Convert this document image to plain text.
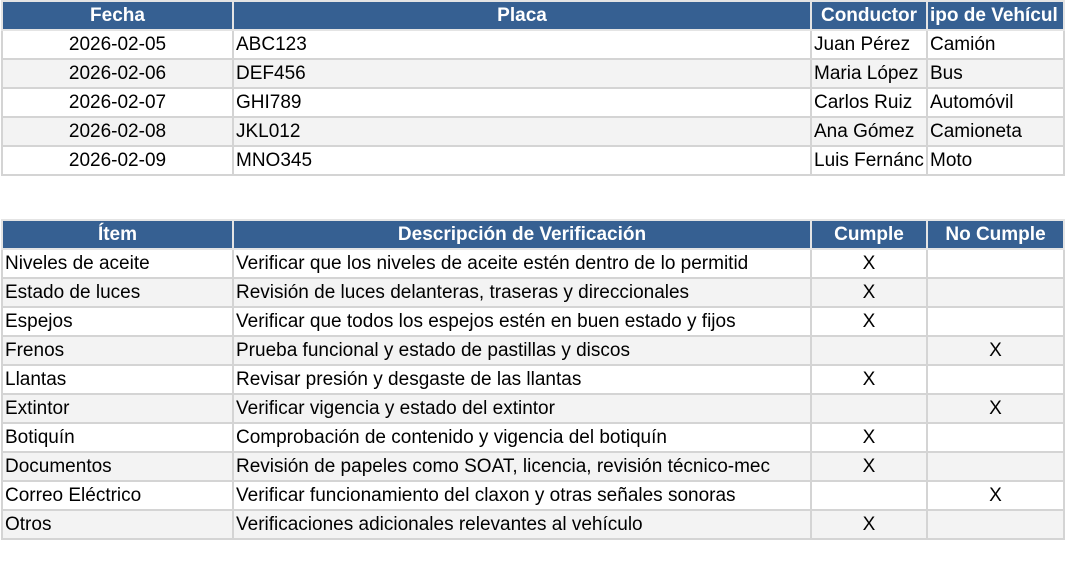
Fecha	Placa	Conductor	ipo de Vehícul
2026-02-05	ABC123	Juan Pérez	Camión
2026-02-06	DEF456	Maria López	Bus
2026-02-07	GHI789	Carlos Ruiz	Automóvil
2026-02-08	JKL012	Ana Gómez	Camioneta
2026-02-09	MNO345	Luis Fernánc	Moto
Ítem	Descripción de Verificación	Cumple	No Cumple
Niveles de aceite	Verificar que los niveles de aceite estén dentro de lo permitid	X	
Estado de luces	Revisión de luces delanteras, traseras y direccionales	X	
Espejos	Verificar que todos los espejos estén en buen estado y fijos	X	
Frenos	Prueba funcional y estado de pastillas y discos		X
Llantas	Revisar presión y desgaste de las llantas	X	
Extintor	Verificar vigencia y estado del extintor		X
Botiquín	Comprobación de contenido y vigencia del botiquín	X	
Documentos	Revisión de papeles como SOAT, licencia, revisión técnico-mec	X	
Correo Eléctrico	Verificar funcionamiento del claxon y otras señales sonoras		X
Otros	Verificaciones adicionales relevantes al vehículo	X	
